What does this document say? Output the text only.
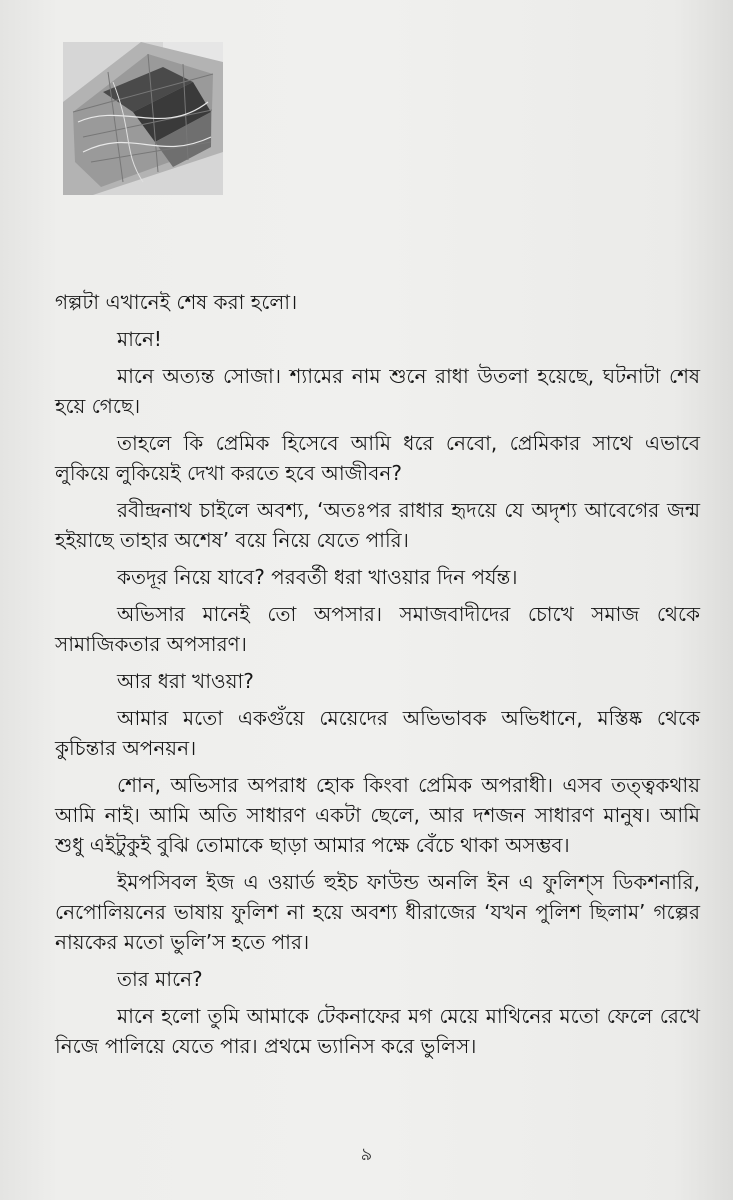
গল্পটা এখানেই শেষ করা হলো।

মানে!

মানে অত্যন্ত সোজা। শ্যামের নাম শুনে রাধা উতলা হয়েছে, ঘটনাটা শেষ হয়ে গেছে।

তাহলে কি প্রেমিক হিসেবে আমি ধরে নেবো, প্রেমিকার সাথে এভাবে লুকিয়ে লুকিয়েই দেখা করতে হবে আজীবন?

রবীন্দ্রনাথ চাইলে অবশ্য, ‘অতঃপর রাধার হৃদয়ে যে অদৃশ্য আবেগের জন্ম হইয়াছে তাহার অশেষ’ বয়ে নিয়ে যেতে পারি।

কতদূর নিয়ে যাবে? পরবর্তী ধরা খাওয়ার দিন পর্যন্ত।

অভিসার মানেই তো অপসার। সমাজবাদীদের চোখে সমাজ থেকে সামাজিকতার অপসারণ।

আর ধরা খাওয়া?

আমার মতো একগুঁয়ে মেয়েদের অভিভাবক অভিধানে, মস্তিষ্ক থেকে কুচিন্তার অপনয়ন।

শোন, অভিসার অপরাধ হোক কিংবা প্রেমিক অপরাধী। এসব তত্ত্বকথায় আমি নাই। আমি অতি সাধারণ একটা ছেলে, আর দশজন সাধারণ মানুষ। আমি শুধু এইটুকুই বুঝি তোমাকে ছাড়া আমার পক্ষে বেঁচে থাকা অসম্ভব।

ইমপসিবল ইজ এ ওয়ার্ড হুইচ ফাউন্ড অনলি ইন এ ফুলিশ্‌স ডিকশনারি, নেপোলিয়নের ভাষায় ফুলিশ না হয়ে অবশ্য ধীরাজের ‘যখন পুলিশ ছিলাম’ গল্পের নায়কের মতো ভুলি’স হতে পার।

তার মানে?

মানে হলো তুমি আমাকে টেকনাফের মগ মেয়ে মাথিনের মতো ফেলে রেখে নিজে পালিয়ে যেতে পার। প্রথমে ভ্যানিস করে ভুলিস।

৯
